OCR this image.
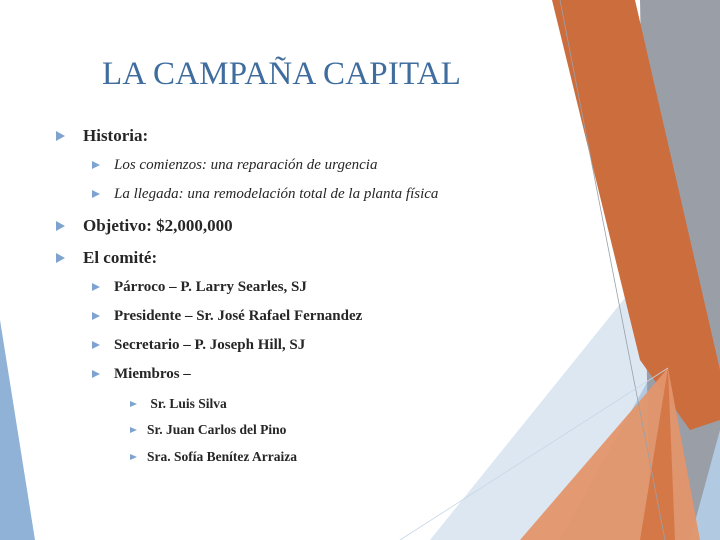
LA CAMPAÑA CAPITAL
Historia:
Los comienzos: una reparación de urgencia
La llegada: una remodelación total de la planta física
Objetivo: $2,000,000
El comité:
Párroco – P. Larry Searles, SJ
Presidente – Sr. José Rafael Fernandez
Secretario – P. Joseph Hill, SJ
Miembros –
Sr. Luis Silva
Sr. Juan Carlos del Pino
Sra. Sofía Benítez Arraiza
